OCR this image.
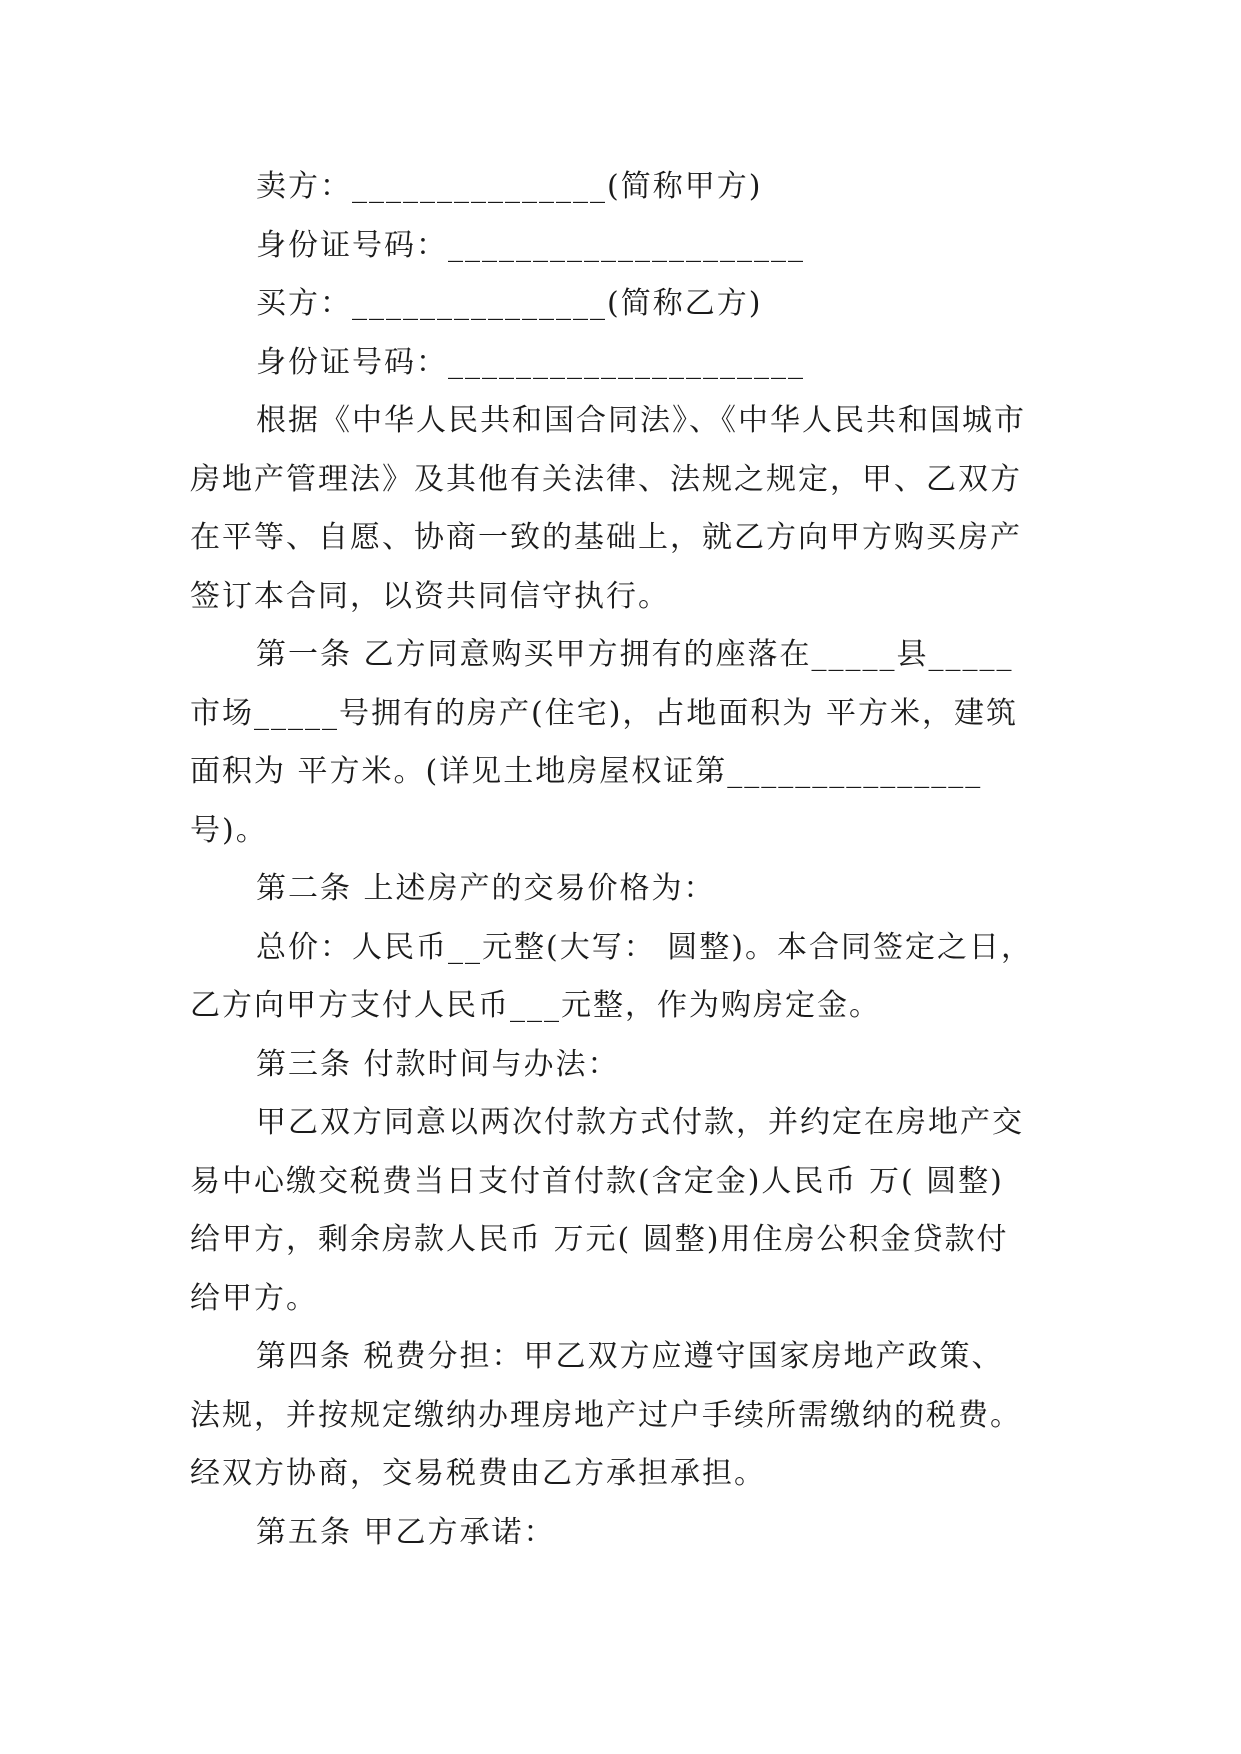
卖方：_______________(简称甲方)
身份证号码：_____________________
买方：_______________(简称乙方)
身份证号码：_____________________
根据《中华人民共和国合同法》、《中华人民共和国城市
房地产管理法》及其他有关法律、法规之规定，甲、乙双方
在平等、自愿、协商一致的基础上，就乙方向甲方购买房产
签订本合同，以资共同信守执行。
第一条 乙方同意购买甲方拥有的座落在_____县_____
市场_____号拥有的房产(住宅)，占地面积为 平方米，建筑
面积为 平方米。(详见土地房屋权证第_______________
号)。
第二条 上述房产的交易价格为：
总价：人民币__元整(大写： 圆整)。本合同签定之日，
乙方向甲方支付人民币___元整，作为购房定金。
第三条 付款时间与办法：
甲乙双方同意以两次付款方式付款，并约定在房地产交
易中心缴交税费当日支付首付款(含定金)人民币 万( 圆整)
给甲方，剩余房款人民币 万元( 圆整)用住房公积金贷款付
给甲方。
第四条 税费分担：甲乙双方应遵守国家房地产政策、
法规，并按规定缴纳办理房地产过户手续所需缴纳的税费。
经双方协商，交易税费由乙方承担承担。
第五条 甲乙方承诺：
